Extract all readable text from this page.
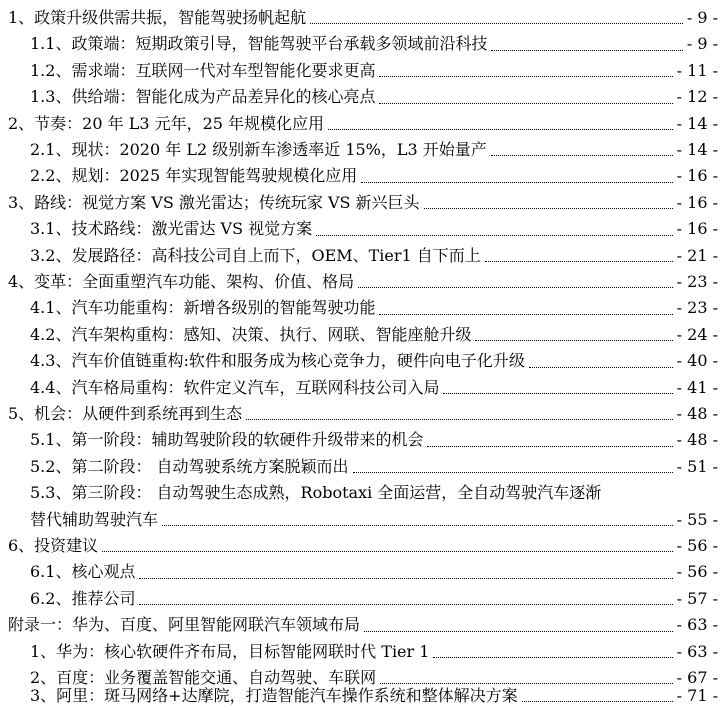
1、政策升级供需共振，智能驾驶扬帆起航	- 9 -
1.1、政策端：短期政策引导，智能驾驶平台承载多领域前沿科技	- 9 -
1.2、需求端：互联网一代对车型智能化要求更高	- 11 -
1.3、供给端：智能化成为产品差异化的核心亮点	- 12 -
2、节奏：20 年 L3 元年，25 年规模化应用	- 14 -
2.1、现状：2020 年 L2 级别新车渗透率近 15%，L3 开始量产	- 14 -
2.2、规划：2025 年实现智能驾驶规模化应用	- 16 -
3、路线：视觉方案 VS 激光雷达；传统玩家 VS 新兴巨头	- 16 -
3.1、技术路线：激光雷达 VS 视觉方案	- 16 -
3.2、发展路径：高科技公司自上而下，OEM、Tier1 自下而上	- 21 -
4、变革：全面重塑汽车功能、架构、价值、格局	- 23 -
4.1、汽车功能重构：新增各级别的智能驾驶功能	- 23 -
4.2、汽车架构重构：感知、决策、执行、网联、智能座舱升级	- 24 -
4.3、汽车价值链重构:软件和服务成为核心竞争力，硬件向电子化升级	- 40 -
4.4、汽车格局重构：软件定义汽车，互联网科技公司入局	- 41 -
5、机会：从硬件到系统再到生态	- 48 -
5.1、第一阶段：辅助驾驶阶段的软硬件升级带来的机会	- 48 -
5.2、第二阶段： 自动驾驶系统方案脱颖而出	- 51 -
5.3、第三阶段： 自动驾驶生态成熟，Robotaxi 全面运营，全自动驾驶汽车逐渐
替代辅助驾驶汽车	- 55 -
6、投资建议	- 56 -
6.1、核心观点	- 56 -
6.2、推荐公司	- 57 -
附录一：华为、百度、阿里智能网联汽车领域布局	- 63 -
1、华为：核心软硬件齐布局，目标智能网联时代 Tier 1	- 63 -
2、百度：业务覆盖智能交通、自动驾驶、车联网	- 67 -
3、阿里：斑马网络+达摩院，打造智能汽车操作系统和整体解决方案	- 71 -
